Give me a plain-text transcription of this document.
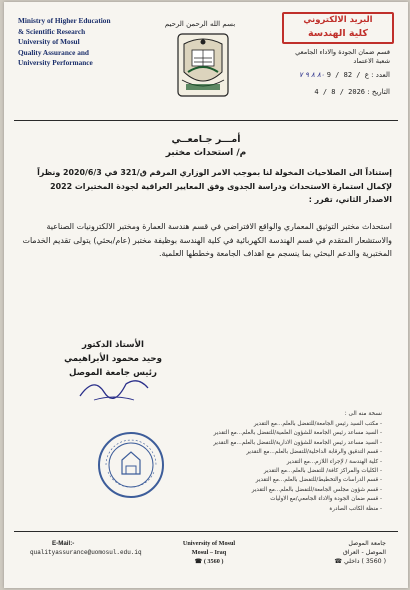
Ministry of Higher Education
& Scientific Research
University of Mosul
Quality Assurance and
University Performance
بسم الله الرحمن الرحيم	البريد الالكتروني
كلية الهندسة
قسم ضمان الجودة والاداء الجامعي
شعبة الاعتماد
العدد : ع / 82 / 9 ٨٠ ٨ ٩ ٧
التاريخ : 2026 / 8 / 4
أمـــر جـامعــي
م/ استحداث مختبر
إستناداً الى الصلاحيات المخولة لنا بموجب الامر الوزاري المرقم ق/321 في 2020/6/3 ونظراً لإكمال استمارة الاستحداث ودراسة الجدوى وفق المعايير العراقية لجودة المختبرات 2022 الاصدار الثاني، تقرر :
استحداث مختبر التوثيق المعماري والواقع الافتراضي في قسم هندسة العمارة ومختبر الالكترونيات الصناعية والاستشعار المتقدم في قسم الهندسة الكهربائية في كلية الهندسة بوظيفة مختبر (عام/بحثي) يتولى تقديم الخدمات المختبرية والدعم البحثي بما ينسجم مع اهداف الجامعة وخططها العلمية.
الأستاذ الدكتور
وحيد محمود الأبراهيمي
رئيس جامعة الموصل
نسخة منه الى :
- مكتب السيد رئيس الجامعة/للتفضل بالعلم...مع التقدير
- السيد مساعد رئيس الجامعة للشؤون العلمية/للتفضل بالعلم...مع التقدير
- السيد مساعد رئيس الجامعة للشؤون الادارية/للتفضل بالعلم...مع التقدير
- قسم التدقيق والرقابة الداخلية/للتفضل بالعلم...مع التقدير
- كلية الهندسة / لإجراء اللازم...مع التقدير
- الكليات والمراكز كافة/ للتفضل بالعلم...مع التقدير
- قسم الدراسات والتخطيط/للتفضل بالعلم...مع التقدير
- قسم شؤون مجلس الجامعة/للتفضل بالعلم...مع التقدير
- قسم ضمان الجودة والاداء الجامعي/مع الاوليات
- منظة الكاتب الصادرة
E-Mail:-
qualityassurance@uomosul.edu.iq
University of Mosul
Mosul – Iraq
☎ ( 3560 )
جامعة الموصل
الموصل - العراق
( 3560 ) داخلي ☎
